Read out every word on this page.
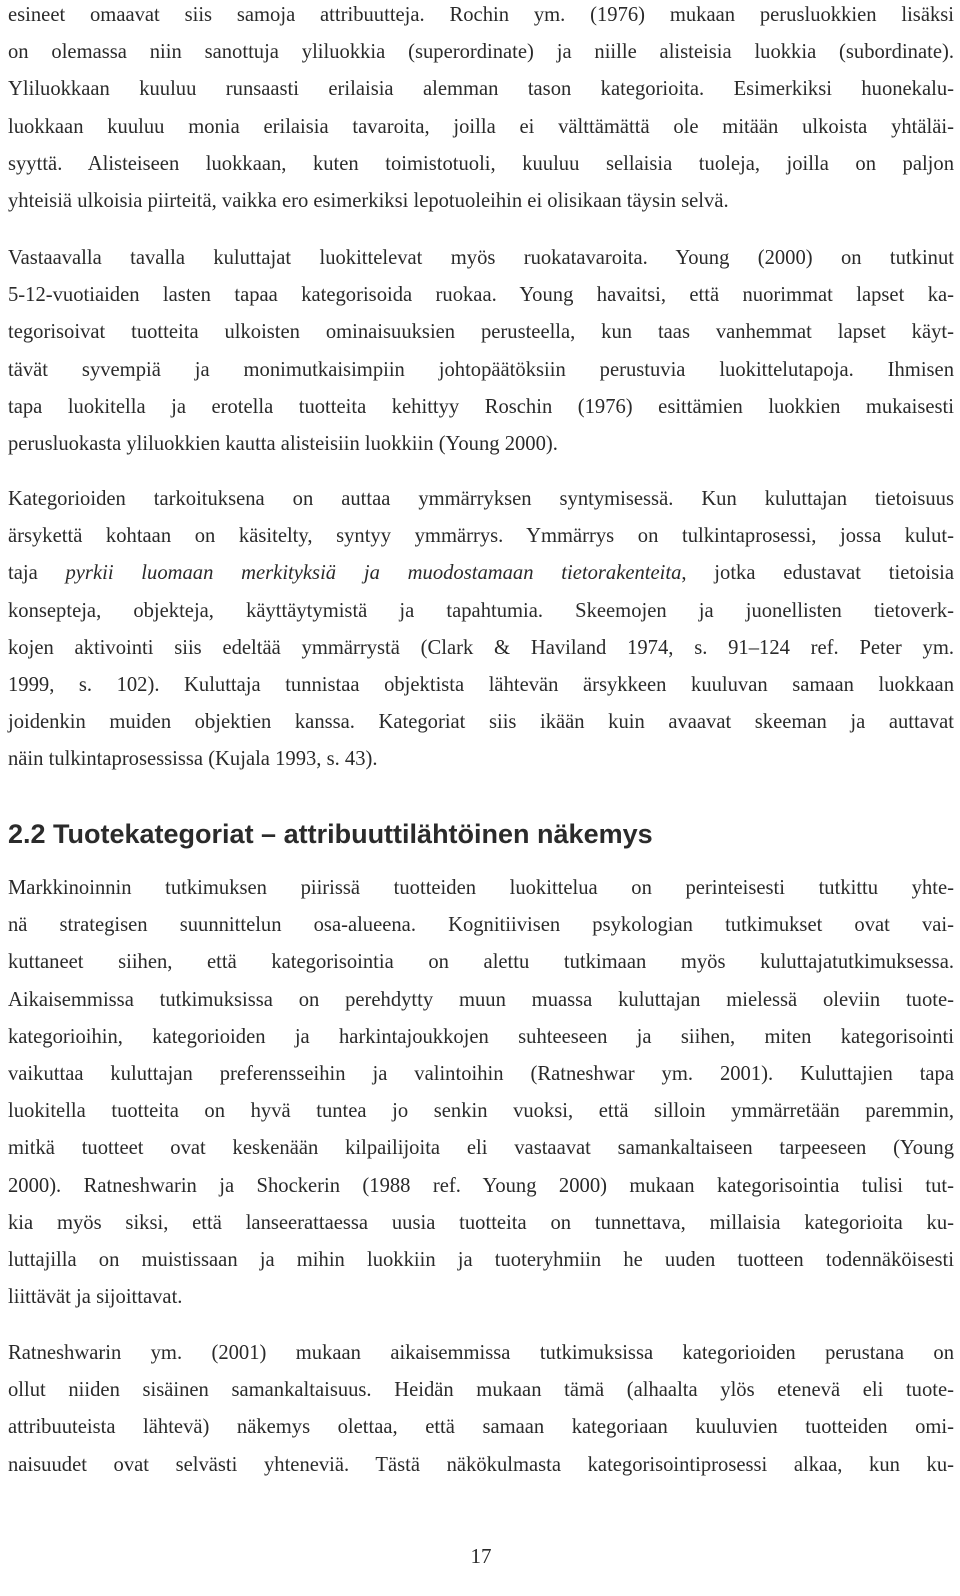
esineet omaavat siis samoja attribuutteja. Rochin ym. (1976) mukaan perusluokkien lisäksi
on olemassa niin sanottuja yliluokkia (superordinate) ja niille alisteisia luokkia (subordinate).
Yliluokkaan kuuluu runsaasti erilaisia alemman tason kategorioita. Esimerkiksi huonekalu-
luokkaan kuuluu monia erilaisia tavaroita, joilla ei välttämättä ole mitään ulkoista yhtäläi-
syyttä. Alisteiseen luokkaan, kuten toimistotuoli, kuuluu sellaisia tuoleja, joilla on paljon
yhteisiä ulkoisia piirteitä, vaikka ero esimerkiksi lepotuoleihin ei olisikaan täysin selvä.
Vastaavalla tavalla kuluttajat luokittelevat myös ruokatavaroita. Young (2000) on tutkinut
5-12-vuotiaiden lasten tapaa kategorisoida ruokaa. Young havaitsi, että nuorimmat lapset ka-
tegorisoivat tuotteita ulkoisten ominaisuuksien perusteella, kun taas vanhemmat lapset käyt-
tävät syvempiä ja monimutkaisimpiin johtopäätöksiin perustuvia luokittelutapoja. Ihmisen
tapa luokitella ja erotella tuotteita kehittyy Roschin (1976) esittämien luokkien mukaisesti
perusluokasta yliluokkien kautta alisteisiin luokkiin (Young 2000).
Kategorioiden tarkoituksena on auttaa ymmärryksen syntymisessä. Kun kuluttajan tietoisuus
ärsykettä kohtaan on käsitelty, syntyy ymmärrys. Ymmärrys on tulkintaprosessi, jossa kulut-
taja pyrkii luomaan merkityksiä ja muodostamaan tietorakenteita, jotka edustavat tietoisia
konsepteja, objekteja, käyttäytymistä ja tapahtumia. Skeemojen ja juonellisten tietoverk-
kojen aktivointi siis edeltää ymmärrystä (Clark & Haviland 1974, s. 91–124 ref. Peter ym.
1999, s. 102). Kuluttaja tunnistaa objektista lähtevän ärsykkeen kuuluvan samaan luokkaan
joidenkin muiden objektien kanssa. Kategoriat siis ikään kuin avaavat skeeman ja auttavat
näin tulkintaprosessissa (Kujala 1993, s. 43).
2.2 Tuotekategoriat – attribuuttilähtöinen näkemys
Markkinoinnin tutkimuksen piirissä tuotteiden luokittelua on perinteisesti tutkittu yhte-
nä strategisen suunnittelun osa-alueena. Kognitiivisen psykologian tutkimukset ovat vai-
kuttaneet siihen, että kategorisointia on alettu tutkimaan myös kuluttajatutkimuksessa.
Aikaisemmissa tutkimuksissa on perehdytty muun muassa kuluttajan mielessä oleviin tuote-
kategorioihin, kategorioiden ja harkintajoukkojen suhteeseen ja siihen, miten kategorisointi
vaikuttaa kuluttajan preferensseihin ja valintoihin (Ratneshwar ym. 2001). Kuluttajien tapa
luokitella tuotteita on hyvä tuntea jo senkin vuoksi, että silloin ymmärretään paremmin,
mitkä tuotteet ovat keskenään kilpailijoita eli vastaavat samankaltaiseen tarpeeseen (Young
2000). Ratneshwarin ja Shockerin (1988 ref. Young 2000) mukaan kategorisointia tulisi tut-
kia myös siksi, että lanseerattaessa uusia tuotteita on tunnettava, millaisia kategorioita ku-
luttajilla on muistissaan ja mihin luokkiin ja tuoteryhmiin he uuden tuotteen todennäköisesti
liittävät ja sijoittavat.
Ratneshwarin ym. (2001) mukaan aikaisemmissa tutkimuksissa kategorioiden perustana on
ollut niiden sisäinen samankaltaisuus. Heidän mukaan tämä (alhaalta ylös etenevä eli tuote-
attribuuteista lähtevä) näkemys olettaa, että samaan kategoriaan kuuluvien tuotteiden omi-
naisuudet ovat selvästi yhteneviä. Tästä näkökulmasta kategorisointiprosessi alkaa, kun ku-
17
